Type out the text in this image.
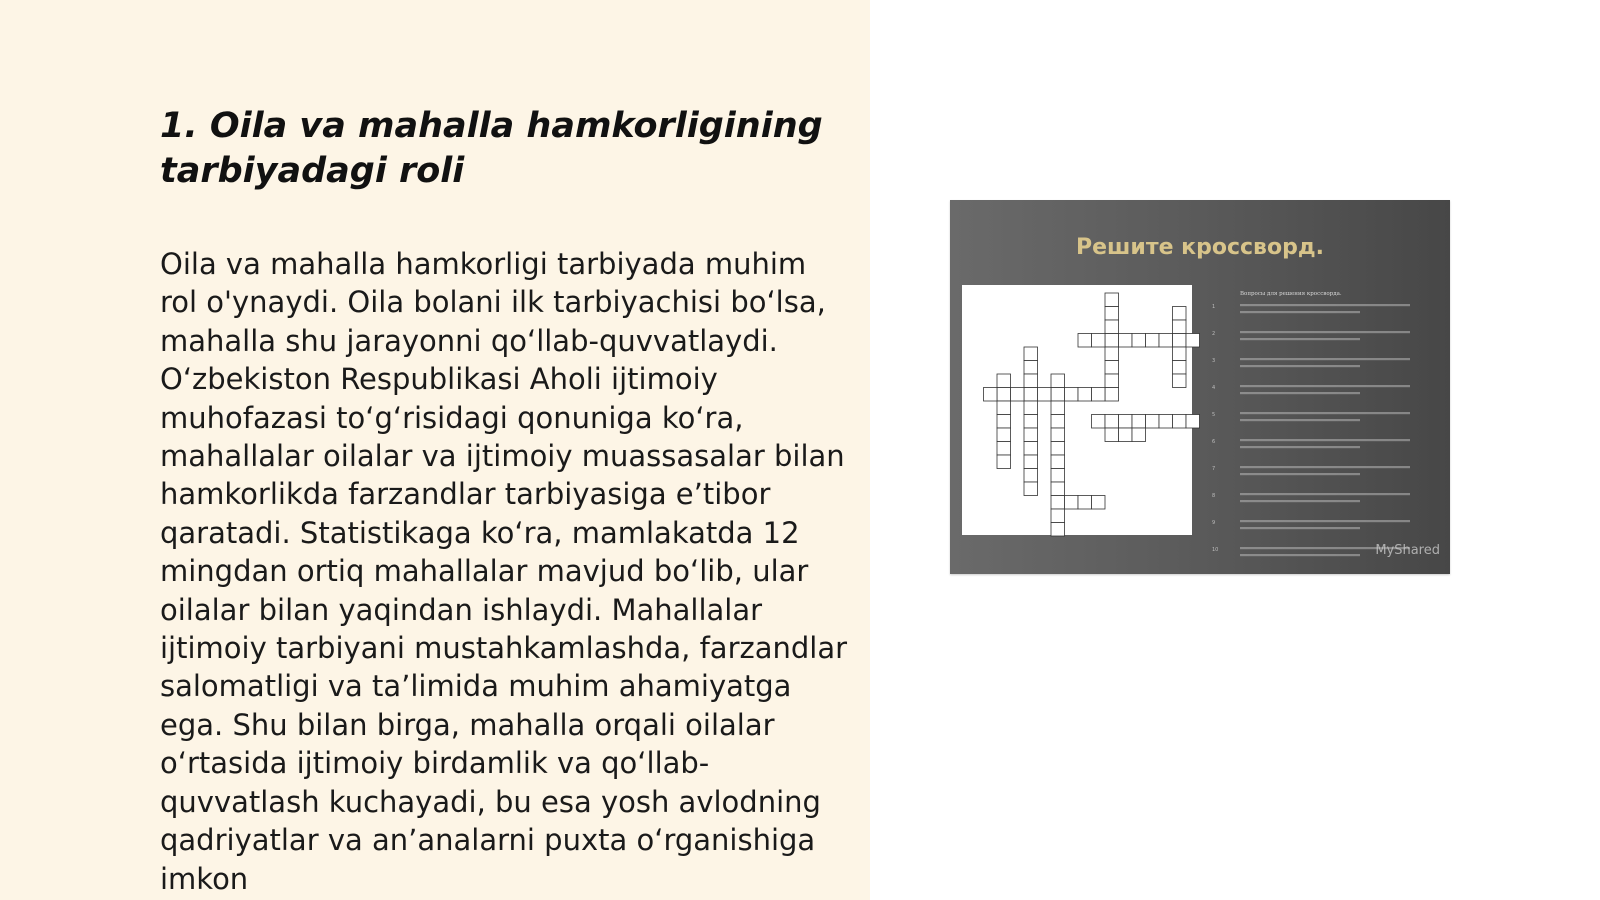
1. Oila va mahalla hamkorligining tarbiyadagi roli

Oila va mahalla hamkorligi tarbiyada muhim rol o'ynaydi. Oila bolani ilk tarbiyachisi bo‘lsa, mahalla shu jarayonni qo‘llab-quvvatlaydi. O‘zbekiston Respublikasi Aholi ijtimoiy muhofazasi to‘g‘risidagi qonuniga ko‘ra, mahallalar oilalar va ijtimoiy muassasalar bilan hamkorlikda farzandlar tarbiyasiga e’tibor qaratadi. Statistikaga ko‘ra, mamlakatda 12 mingdan ortiq mahallalar mavjud bo‘lib, ular oilalar bilan yaqindan ishlaydi. Mahallalar ijtimoiy tarbiyani mustahkamlashda, farzandlar salomatligi va ta’limida muhim ahamiyatga ega. Shu bilan birga, mahalla orqali oilalar o‘rtasida ijtimoiy birdamlik va qo‘llab-quvvatlash kuchayadi, bu esa yosh avlodning qadriyatlar va an’analarni puxta o‘rganishiga imkon

Решите кроссворд.
Вопросы для решения кроссворда.
1
2
3
4
5
6
7
8
9
10	MyShared
